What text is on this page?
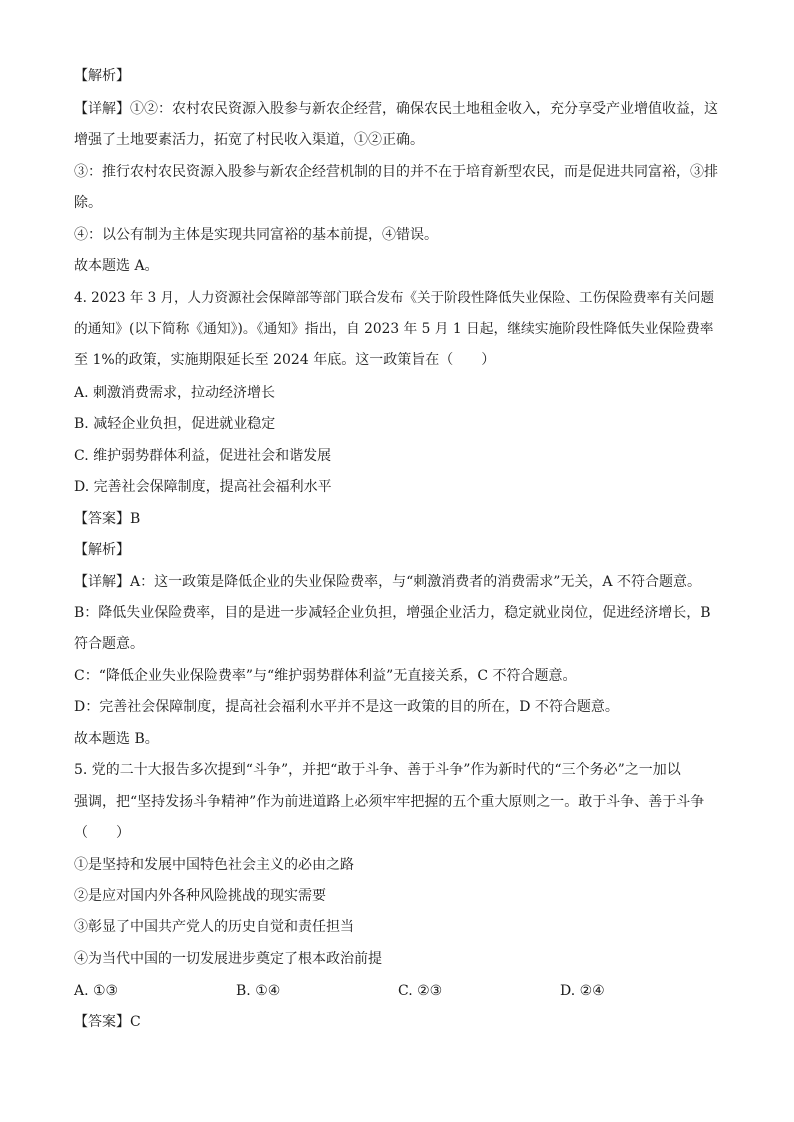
【解析】
【详解】①②：农村农民资源入股参与新农企经营，确保农民土地租金收入，充分享受产业增值收益，这
增强了土地要素活力，拓宽了村民收入渠道，①②正确。
③：推行农村农民资源入股参与新农企经营机制的目的并不在于培育新型农民，而是促进共同富裕，③排
除。
④：以公有制为主体是实现共同富裕的基本前提，④错误。
故本题选 A。
4. 2023 年 3 月，人力资源社会保障部等部门联合发布《关于阶段性降低失业保险、工伤保险费率有关问题
的通知》(以下简称《通知》)。《通知》指出，自 2023 年 5 月 1 日起，继续实施阶段性降低失业保险费率
至 1%的政策，实施期限延长至 2024 年底。这一政策旨在（　　）
A. 刺激消费需求，拉动经济增长
B. 减轻企业负担，促进就业稳定
C. 维护弱势群体利益，促进社会和谐发展
D. 完善社会保障制度，提高社会福利水平
【答案】B
【解析】
【详解】A：这一政策是降低企业的失业保险费率，与“刺激消费者的消费需求”无关，A 不符合题意。
B：降低失业保险费率，目的是进一步减轻企业负担，增强企业活力，稳定就业岗位，促进经济增长，B
符合题意。
C：“降低企业失业保险费率”与“维护弱势群体利益”无直接关系，C 不符合题意。
D：完善社会保障制度，提高社会福利水平并不是这一政策的目的所在，D 不符合题意。
故本题选 B。
5. 党的二十大报告多次提到“斗争”，并把“敢于斗争、善于斗争”作为新时代的“三个务必”之一加以
强调，把“坚持发扬斗争精神”作为前进道路上必须牢牢把握的五个重大原则之一。敢于斗争、善于斗争
（　　）
①是坚持和发展中国特色社会主义的必由之路
②是应对国内外各种风险挑战的现实需要
③彰显了中国共产党人的历史自觉和责任担当
④为当代中国的一切发展进步奠定了根本政治前提
A. ①③	B. ①④	C. ②③	D. ②④
【答案】C
